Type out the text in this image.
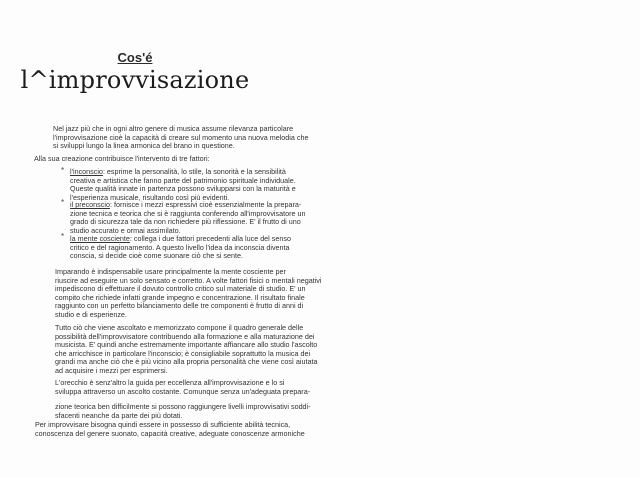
Cos'é
l^improvvisazione
Nel jazz più che in ogni altro genere di musica assume rilevanza particolare
l'improvvisazione cioè la capacità di creare sul momento una nuova melodia che
si sviluppi lungo la linea armonica del brano in questione.
Alla sua creazione contribuisce l'intervento di tre fattori:
* l'inconscio: esprime la personalità, lo stile, la sonorità e la sensibilità
creativa e artistica che fanno parte del patrimonio spirituale individuale.
Queste qualità innate in partenza possono svilupparsi con la maturità e
l'esperienza musicale, risultando così più evidenti.
* il preconscio: fornisce i mezzi espressivi cioè essenzialmente la prepara-
zione tecnica e teorica che si è raggiunta conferendo all'improvvisatore un
grado di sicurezza tale da non richiedere più riflessione. E' il frutto di uno
studio accurato e ormai assimilato.
* la mente cosciente: collega i due fattori precedenti alla luce del senso
critico e del ragionamento. A questo livello l'idea da inconscia diventa
conscia, si decide cioè come suonare ciò che si sente.
Imparando è indispensabile usare principalmente la mente cosciente per
riuscire ad eseguire un solo sensato e corretto. A volte fattori fisici o mentali negativi
impediscono di effettuare il dovuto controllo critico sul materiale di studio. E' un
compito che richiede infatti grande impegno e concentrazione. Il risultato finale
raggiunto con un perfetto bilanciamento delle tre componenti è frutto di anni di
studio e di esperienze.
Tutto ciò che viene ascoltato e memorizzato compone il quadro generale delle
possibilità dell'improvvisatore contribuendo alla formazione e alla maturazione dei
musicista. E' quindi anche estremamente importante affiancare allo studio l'ascolto
che arricchisce in particolare l'inconscio; è consigliabile soprattutto la musica dei
grandi ma anche ciò che è più vicino alla propria personalità che viene così aiutata
ad acquisire i mezzi per esprimersi.
L'orecchio è senz'altro la guida per eccellenza all'improvvisazione e lo si
sviluppa attraverso un ascolto costante. Comunque senza un'adeguata prepara-
zione teorica ben difficilmente si possono raggiungere livelli improvvisativi soddi-
sfacenti neanche da parte dei più dotati.
Per improvvisare bisogna quindi essere in possesso di sufficiente abilità tecnica,
conoscenza del genere suonato, capacità creative, adeguate conoscenze armoniche
